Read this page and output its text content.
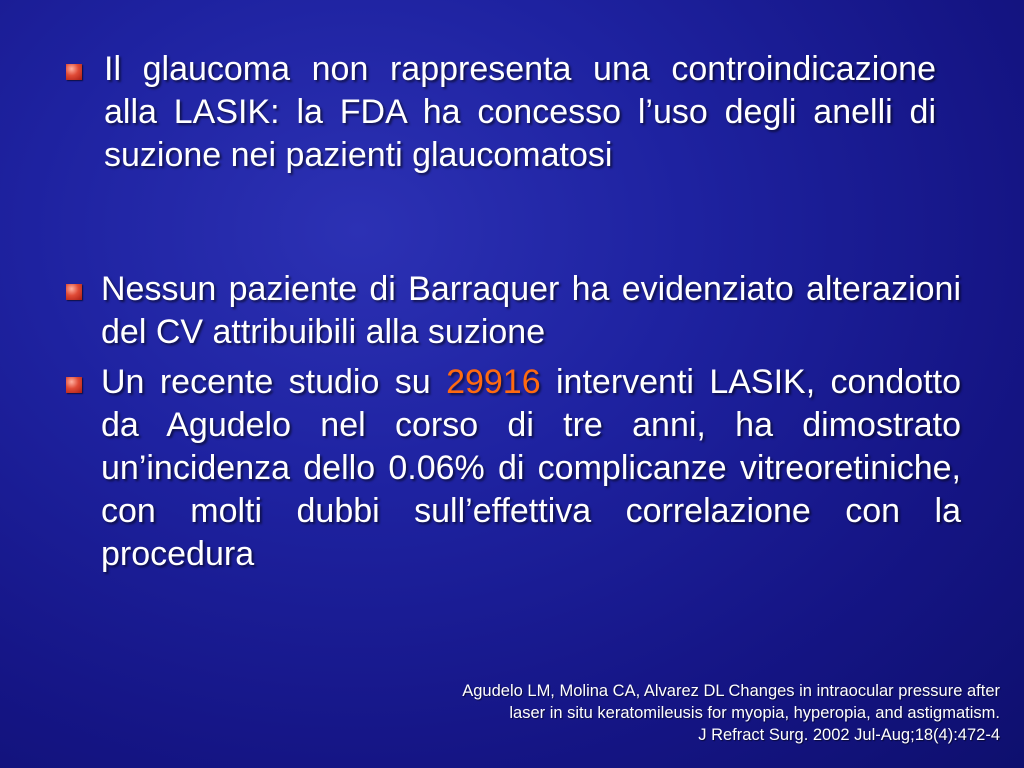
Il glaucoma non rappresenta una controindicazione alla LASIK: la FDA ha concesso l’uso degli anelli di suzione nei pazienti glaucomatosi
Nessun paziente di Barraquer ha evidenziato alterazioni del CV attribuibili alla suzione
Un recente studio su 29916 interventi LASIK, condotto da Agudelo nel corso di tre anni, ha dimostrato un’incidenza dello 0.06% di complicanze vitreoretiniche, con molti dubbi sull’effettiva correlazione con la procedura
Agudelo LM, Molina CA, Alvarez DL Changes in intraocular pressure after
laser in situ keratomileusis for myopia, hyperopia, and astigmatism.
J Refract Surg. 2002 Jul-Aug;18(4):472-4
